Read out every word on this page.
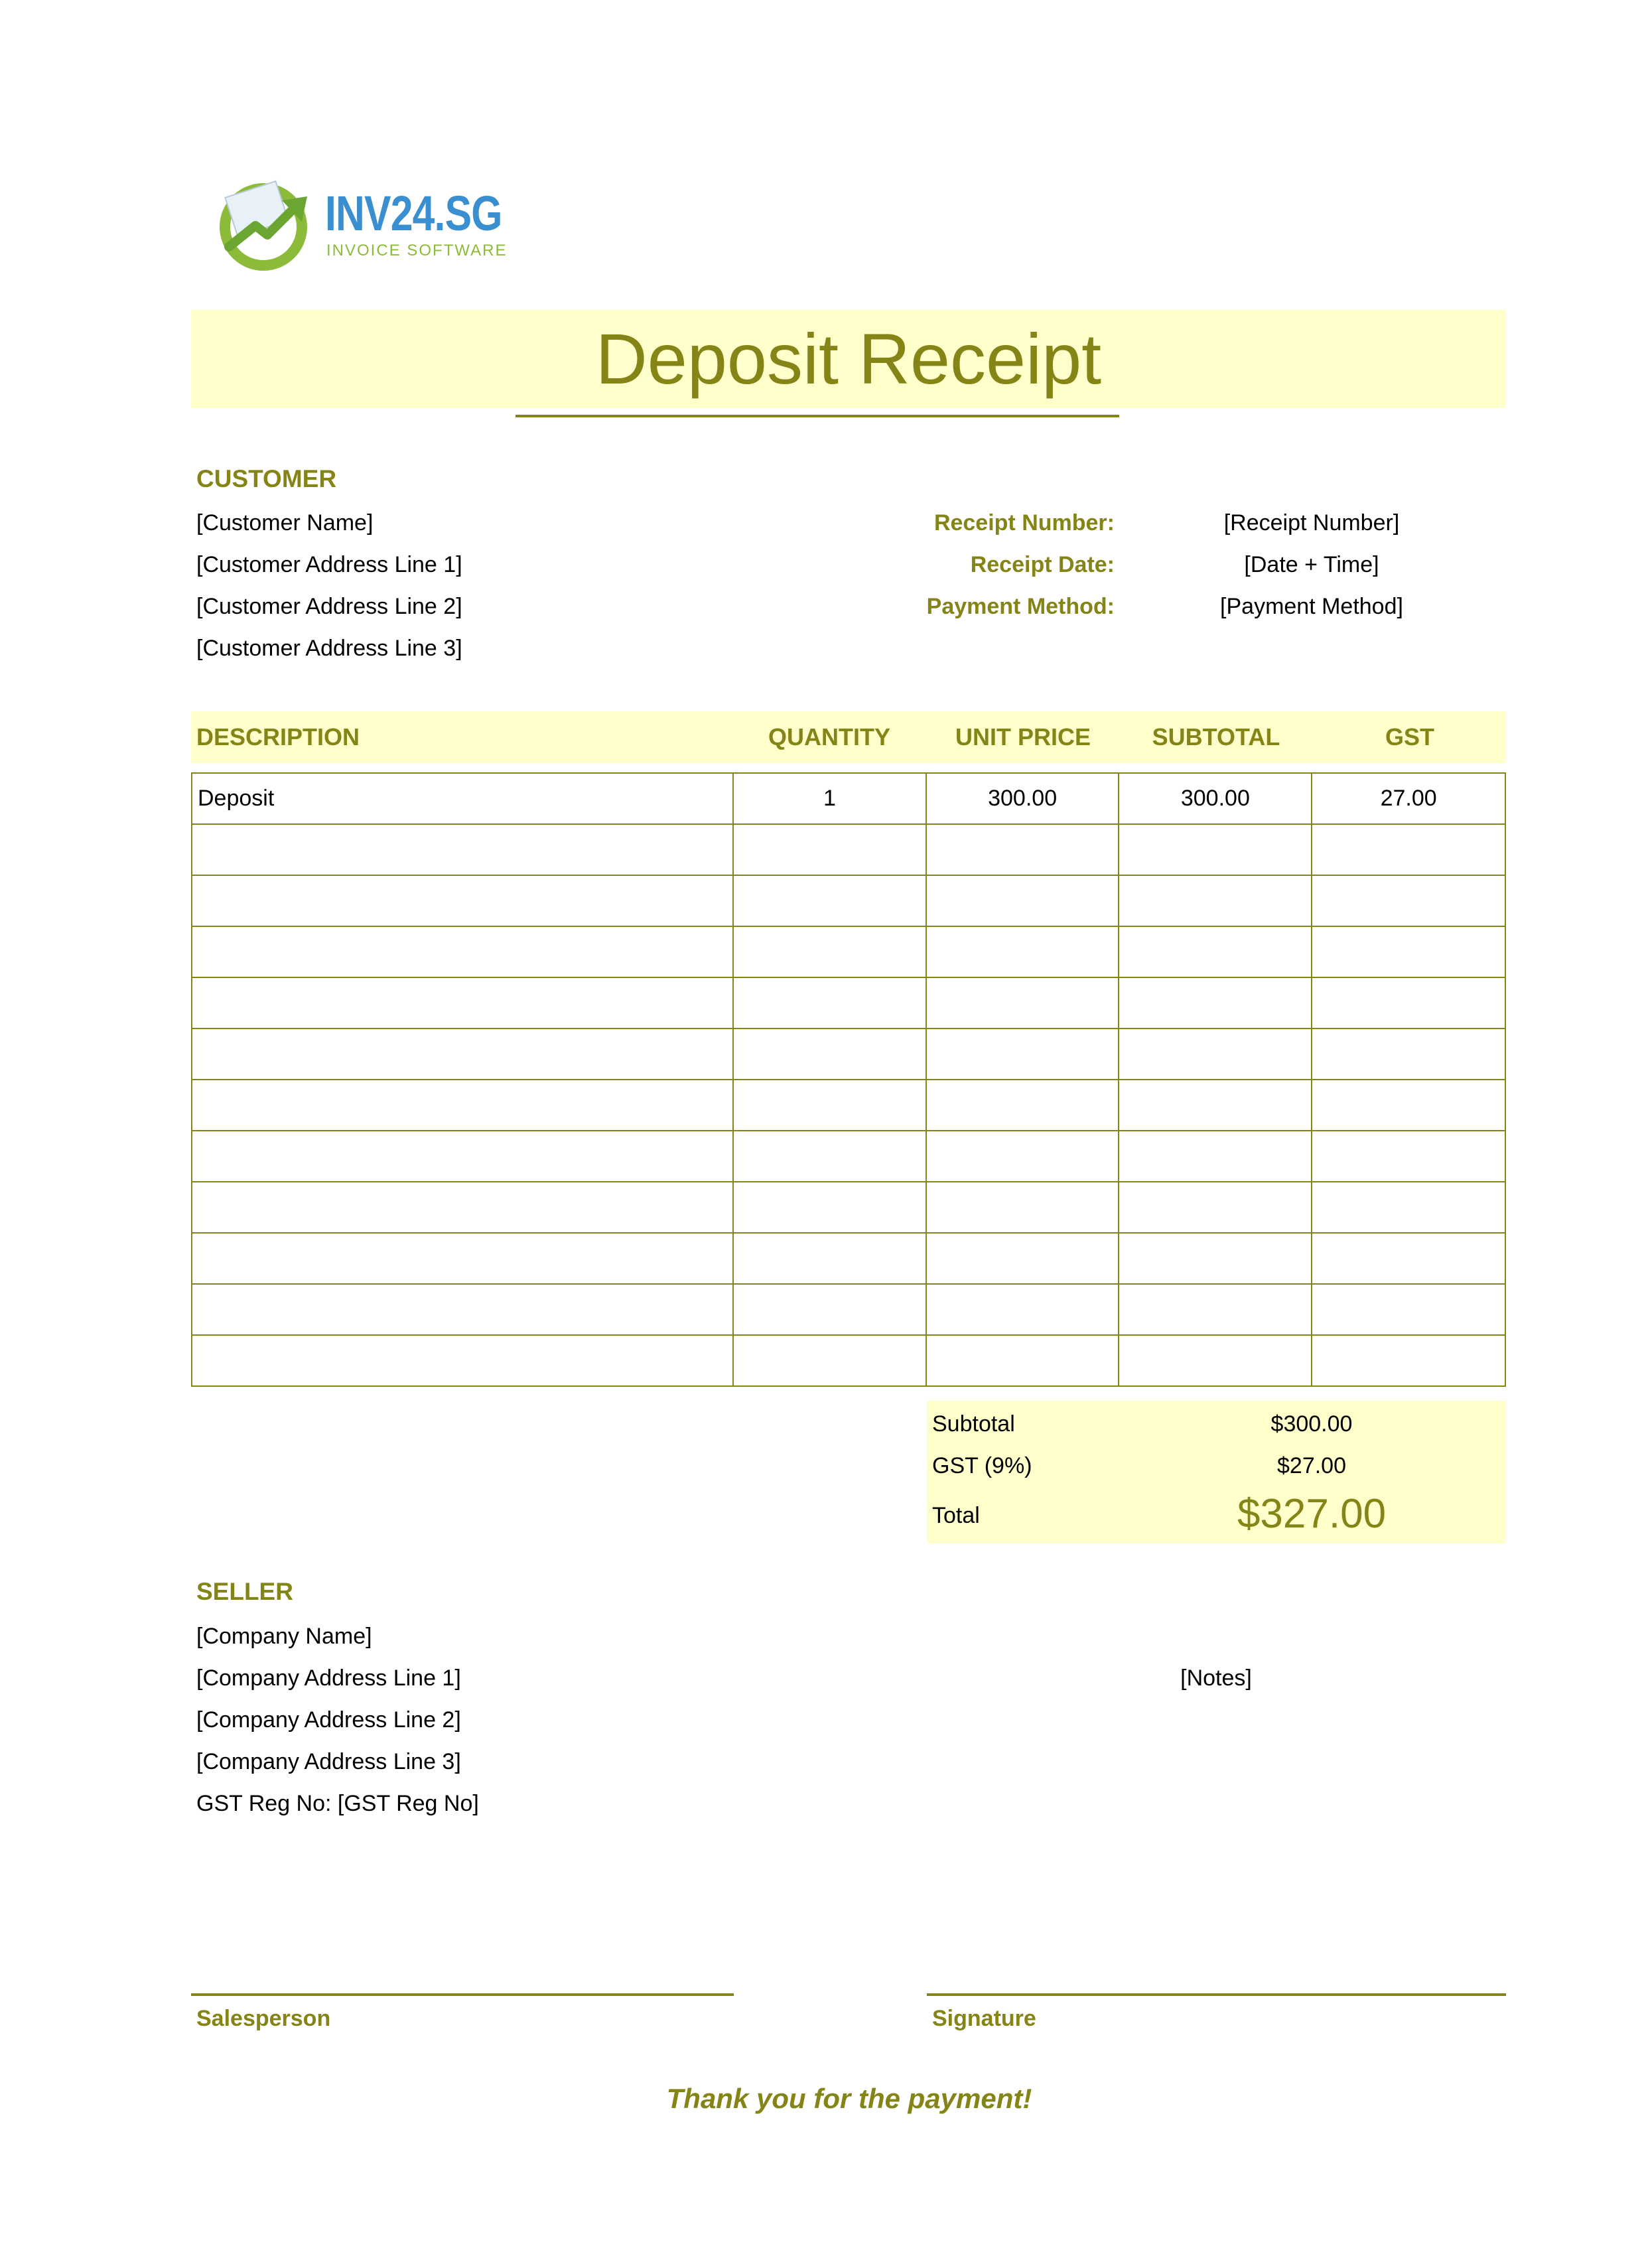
INV24.SG
INVOICE SOFTWARE
Deposit Receipt
CUSTOMER
[Customer Name]
[Customer Address Line 1]
[Customer Address Line 2]
[Customer Address Line 3]
Receipt Number:	[Receipt Number]
Receipt Date:	[Date + Time]
Payment Method:	[Payment Method]
DESCRIPTION	QUANTITY	UNIT PRICE	SUBTOTAL	GST
Deposit	1	300.00	300.00	27.00

Subtotal	$300.00
GST (9%)	$27.00
Total	$327.00
SELLER
[Company Name]
[Company Address Line 1]
[Company Address Line 2]
[Company Address Line 3]
GST Reg No: [GST Reg No]
[Notes]
Salesperson	Signature
Thank you for the payment!
